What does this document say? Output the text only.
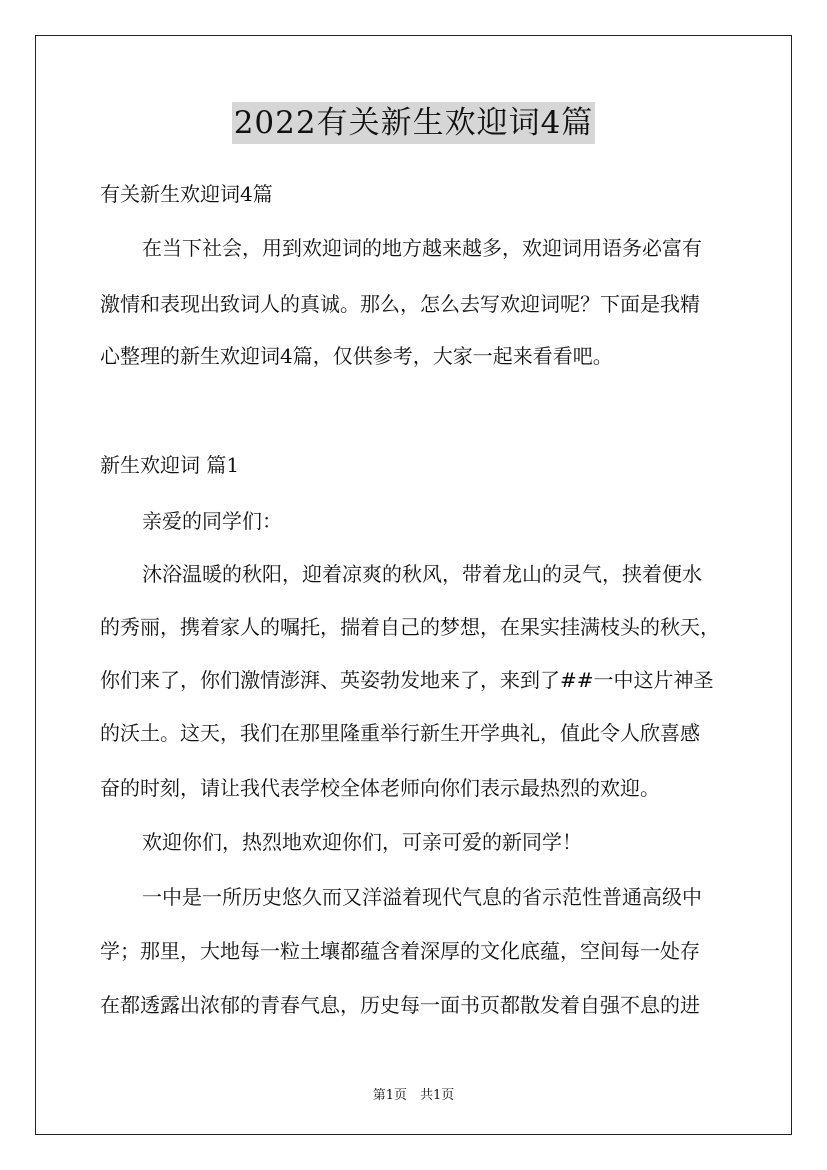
2022有关新生欢迎词4篇
有关新生欢迎词4篇
在当下社会，用到欢迎词的地方越来越多，欢迎词用语务必富有
激情和表现出致词人的真诚。那么，怎么去写欢迎词呢？下面是我精
心整理的新生欢迎词4篇，仅供参考，大家一起来看看吧。
新生欢迎词 篇1
亲爱的同学们：
沐浴温暖的秋阳，迎着凉爽的秋风，带着龙山的灵气，挟着便水
的秀丽，携着家人的嘱托，揣着自己的梦想，在果实挂满枝头的秋天，
你们来了，你们激情澎湃、英姿勃发地来了，来到了##一中这片神圣
的沃土。这天，我们在那里隆重举行新生开学典礼，值此令人欣喜感
奋的时刻，请让我代表学校全体老师向你们表示最热烈的欢迎。
欢迎你们，热烈地欢迎你们，可亲可爱的新同学！
一中是一所历史悠久而又洋溢着现代气息的省示范性普通高级中
学；那里，大地每一粒土壤都蕴含着深厚的文化底蕴，空间每一处存
在都透露出浓郁的青春气息，历史每一面书页都散发着自强不息的进
第1页　共1页
